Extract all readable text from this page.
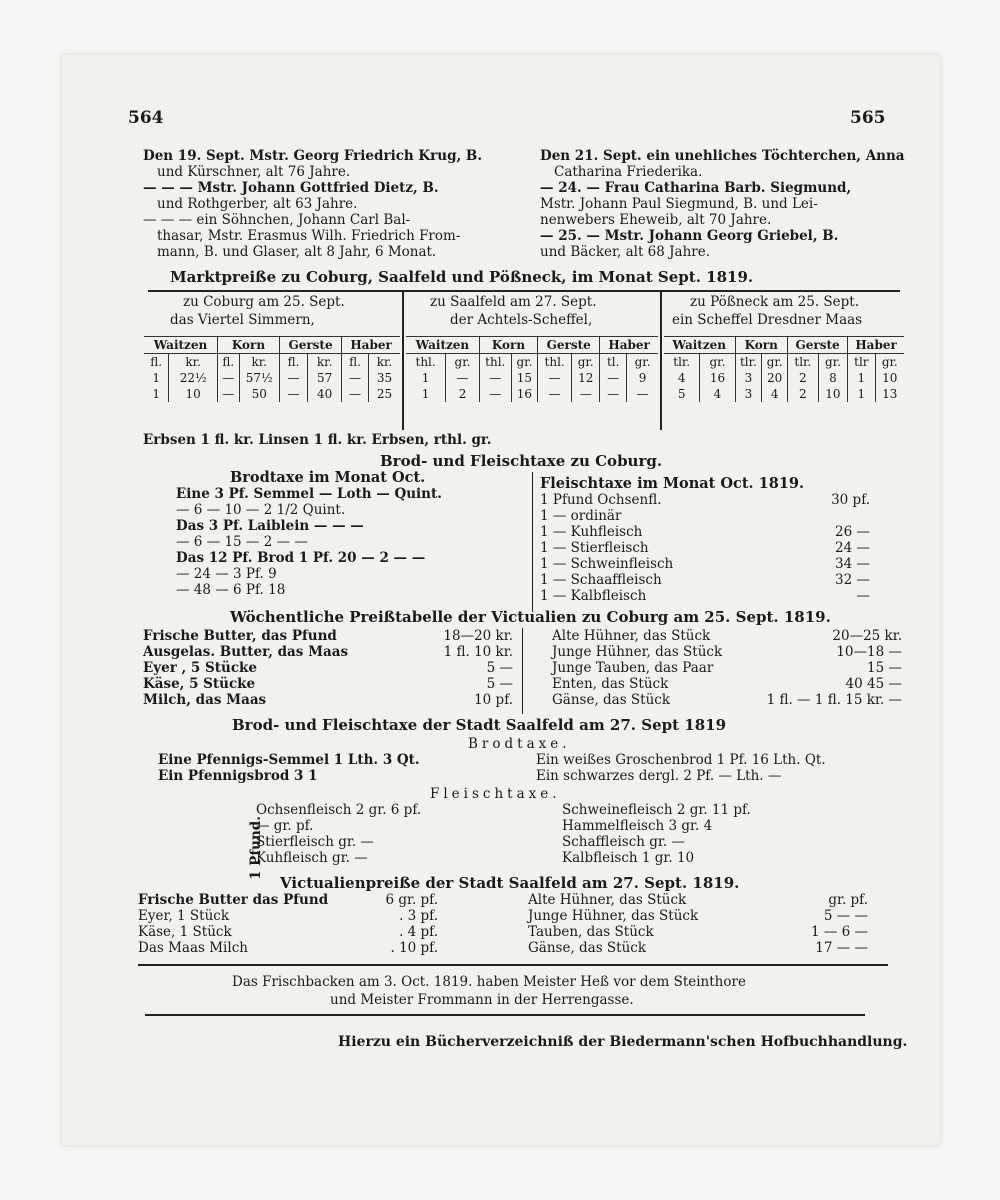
564	565
Den 19. Sept. Mstr. Georg Friedrich Krug, B.
und Kürschner, alt 76 Jahre.
— — — Mstr. Johann Gottfried Dietz, B.
und Rothgerber, alt 63 Jahre.
— — — ein Söhnchen, Johann Carl Bal-
thasar, Mstr. Erasmus Wilh. Friedrich From-
mann, B. und Glaser, alt 8 Jahr, 6 Monat.
Den 21. Sept. ein unehliches Töchterchen, Anna
Catharina Friederika.
— 24. — Frau Catharina Barb. Siegmund,
Mstr. Johann Paul Siegmund, B. und Lei-
nenwebers Eheweib, alt 70 Jahre.
— 25. — Mstr. Johann Georg Griebel, B.
und Bäcker, alt 68 Jahre.
Marktpreiße zu Coburg, Saalfeld und Pößneck, im Monat Sept. 1819.
zu Coburg am 25. Sept.
das Viertel Simmern,
zu Saalfeld am 27. Sept.
der Achtels-Scheffel,
zu Pößneck am 25. Sept.
ein Scheffel Dresdner Maas
Waitzen		Korn		Gerste		Haber	
fl.	kr.	fl.	kr.	fl.	kr.	fl.	kr.
1	22½	—	57½	—	57	—	35
1	10	—	50	—	40	—	25

Waitzen		Korn		Gerste		Haber	
thl.	gr.	thl.	gr.	thl.	gr.	tl.	gr.
1	—	—	15	—	12	—	9
1	2	—	16	—	—	—	—

Waitzen		Korn		Gerste		Haber	
tlr.	gr.	tlr.	gr.	tlr.	gr.	tlr	gr.
4	16	3	20	2	8	1	10
5	4	3	4	2	10	1	13

Erbsen 1 fl. kr. Linsen 1 fl. kr. Erbsen, rthl. gr.
Brod- und Fleischtaxe zu Coburg.
Brodtaxe im Monat Oct.
Eine 3 Pf. Semmel — Loth — Quint.
— 6 — 10 — 2 1/2 Quint.
Das 3 Pf. Laiblein — — —
— 6 — 15 — 2 — —
Das 12 Pf. Brod 1 Pf. 20 — 2 — —
— 24 — 3 Pf. 9
— 48 — 6 Pf. 18
Fleischtaxe im Monat Oct. 1819.
1 Pfund Ochsenfl.	30 pf.
1 — ordinär
1 — Kuhfleisch	26 —
1 — Stierfleisch	24 —
1 — Schweinfleisch	34 —
1 — Schaaffleisch	32 —
1 — Kalbfleisch	—
Wöchentliche Preißtabelle der Victualien zu Coburg am 25. Sept. 1819.
Frische Butter, das Pfund	18—20 kr.
Ausgelas. Butter, das Maas	1 fl. 10 kr.
Eyer , 5 Stücke	5 —
Käse, 5 Stücke	5 —
Milch, das Maas	10 pf.
Alte Hühner, das Stück	20—25 kr.
Junge Hühner, das Stück	10—18 —
Junge Tauben, das Paar	15 —
Enten, das Stück	40 45 —
Gänse, das Stück	1 fl. — 1 fl. 15 kr. —
Brod- und Fleischtaxe der Stadt Saalfeld am 27. Sept 1819
Brodtaxe.
Eine Pfennigs-Semmel 1 Lth. 3 Qt.
Ein Pfennigsbrod 3 1
Ein weißes Groschenbrod 1 Pf. 16 Lth. Qt.
Ein schwarzes dergl. 2 Pf. — Lth. —
Fleischtaxe.
1 Pfund.
Ochsenfleisch 2 gr. 6 pf.
— gr. pf.
Stierfleisch gr. —
Kuhfleisch gr. —
Schweinefleisch 2 gr. 11 pf.
Hammelfleisch 3 gr. 4
Schaffleisch gr. —
Kalbfleisch 1 gr. 10
Victualienpreiße der Stadt Saalfeld am 27. Sept. 1819.
Frische Butter das Pfund	6 gr. pf.
Eyer, 1 Stück	. 3 pf.
Käse, 1 Stück	. 4 pf.
Das Maas Milch	. 10 pf.
Alte Hühner, das Stück	gr. pf.
Junge Hühner, das Stück	5 — —
Tauben, das Stück	1 — 6 —
Gänse, das Stück	17 — —
Das Frischbacken am 3. Oct. 1819. haben Meister Heß vor dem Steinthore
und Meister Frommann in der Herrengasse.
Hierzu ein Bücherverzeichniß der Biedermann'schen Hofbuchhandlung.
